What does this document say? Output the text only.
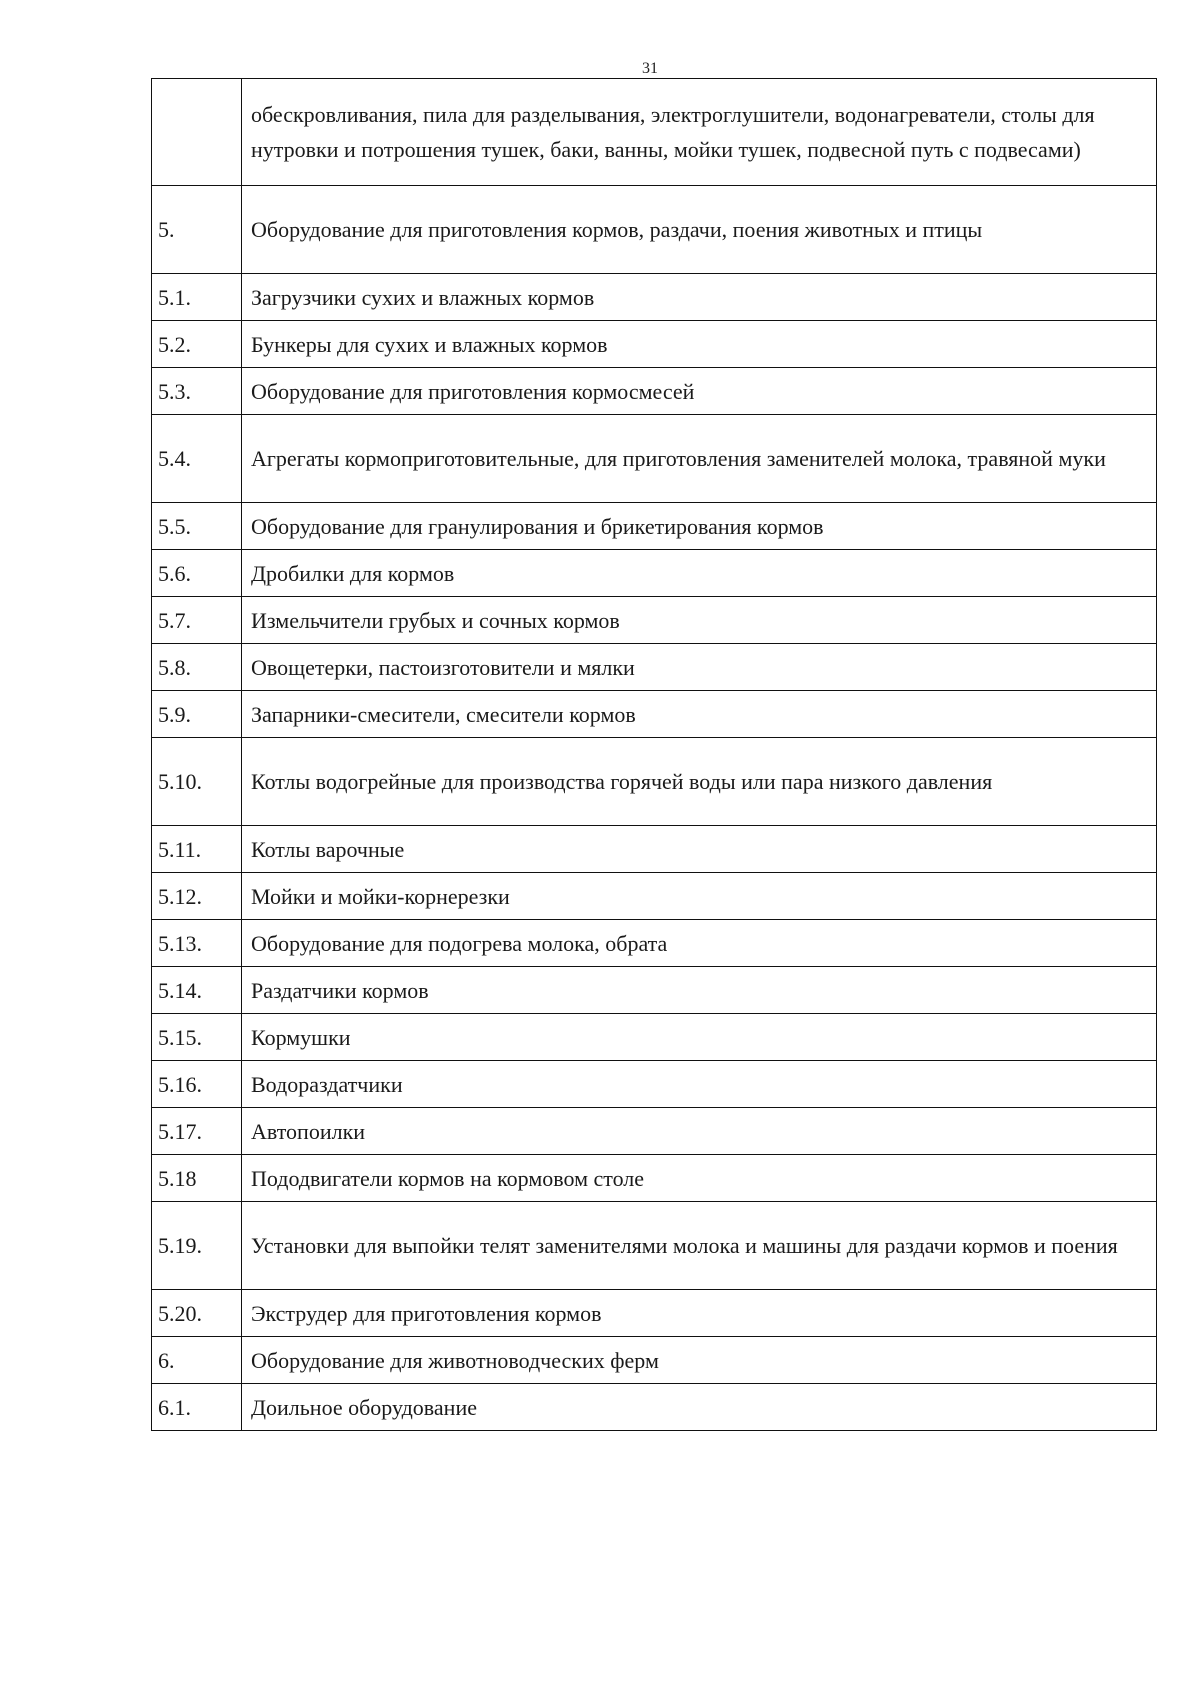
31
	обескровливания, пила для разделывания, электроглушители, водонагреватели, столы для нутровки и потрошения тушек, баки, ванны, мойки тушек, подвесной путь с подвесами)
5.	Оборудование для приготовления кормов, раздачи, поения животных и птицы
5.1.	Загрузчики сухих и влажных кормов
5.2.	Бункеры для сухих и влажных кормов
5.3.	Оборудование для приготовления кормосмесей
5.4.	Агрегаты кормоприготовительные, для приготовления заменителей молока, травяной муки
5.5.	Оборудование для гранулирования и брикетирования кормов
5.6.	Дробилки для кормов
5.7.	Измельчители грубых и сочных кормов
5.8.	Овощетерки, пастоизготовители и мялки
5.9.	Запарники-смесители, смесители кормов
5.10.	Котлы водогрейные для производства горячей воды или пара низкого давления
5.11.	Котлы варочные
5.12.	Мойки и мойки-корнерезки
5.13.	Оборудование для подогрева молока, обрата
5.14.	Раздатчики кормов
5.15.	Кормушки
5.16.	Водораздатчики
5.17.	Автопоилки
5.18	Пододвигатели кормов на кормовом столе
5.19.	Установки для выпойки телят заменителями молока и машины для раздачи кормов и поения
5.20.	Экструдер для приготовления кормов
6.	Оборудование для животноводческих ферм
6.1.	Доильное оборудование
